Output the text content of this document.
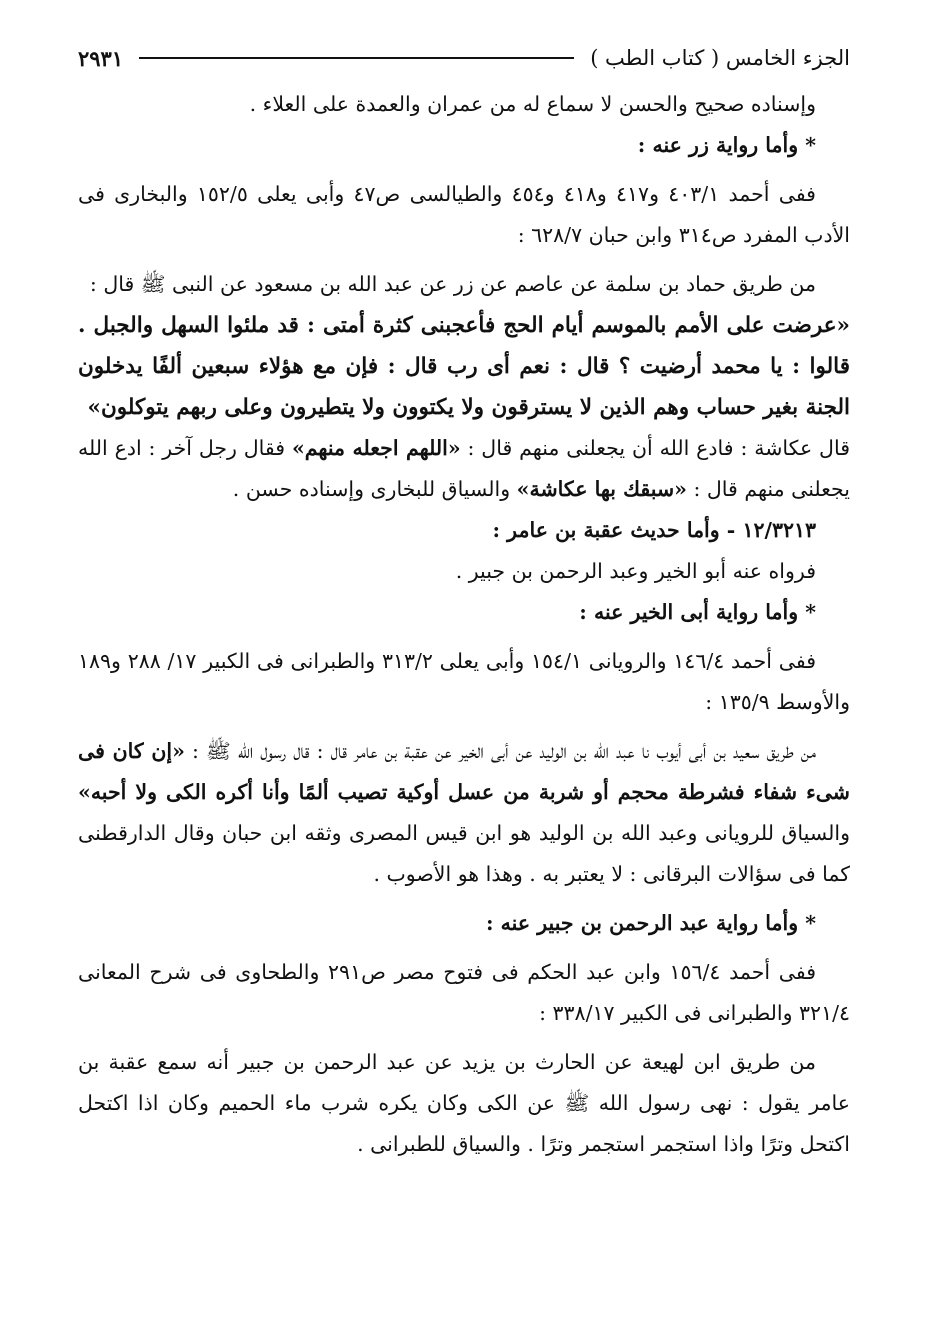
الجزء الخامس ( كتاب الطب )
٢٩٣١

وإسناده صحيح والحسن لا سماع له من عمران والعمدة على العلاء .

* وأما رواية زر عنه :

ففى أحمد ٤٠٣/١ و٤١٧ و٤١٨ و٤٥٤ والطيالسى ص٤٧ وأبى يعلى ١٥٢/٥ والبخارى فى الأدب المفرد ص٣١٤ وابن حبان ٦٢٨/٧ :

من طريق حماد بن سلمة عن عاصم عن زر عن عبد الله بن مسعود عن النبى ﷺ قال :

«عرضت على الأمم بالموسم أيام الحج فأعجبنى كثرة أمتى : قد ملئوا السهل والجبل . قالوا : يا محمد أرضيت ؟ قال : نعم أى رب قال : فإن مع هؤلاء سبعين ألفًا يدخلون الجنة بغير حساب وهم الذين لا يسترقون ولا يكتوون ولا يتطيرون وعلى ربهم يتوكلون»

قال عكاشة : فادع الله أن يجعلنى منهم قال : «اللهم اجعله منهم» فقال رجل آخر : ادع الله يجعلنى منهم قال : «سبقك بها عكاشة» والسياق للبخارى وإسناده حسن .

١٢/٣٢١٣ - وأما حديث عقبة بن عامر :

فرواه عنه أبو الخير وعبد الرحمن بن جبير .

* وأما رواية أبى الخير عنه :

ففى أحمد ١٤٦/٤ والرويانى ١٥٤/١ وأبى يعلى ٣١٣/٢ والطبرانى فى الكبير ١٧/ ٢٨٨ و١٨٩ والأوسط ١٣٥/٩ :

من طريق سعيد بن أبى أيوب نا عبد الله بن الوليد عن أبى الخير عن عقبة بن عامر قال : قال رسول الله ﷺ : «إن كان فى شىء شفاء فشرطة محجم أو شربة من عسل أوكية تصيب ألمًا وأنا أكره الكى ولا أحبه» والسياق للرويانى وعبد الله بن الوليد هو ابن قيس المصرى وثقه ابن حبان وقال الدارقطنى كما فى سؤالات البرقانى : لا يعتبر به . وهذا هو الأصوب .

* وأما رواية عبد الرحمن بن جبير عنه :

ففى أحمد ١٥٦/٤ وابن عبد الحكم فى فتوح مصر ص٢٩١ والطحاوى فى شرح المعانى ٣٢١/٤ والطبرانى فى الكبير ٣٣٨/١٧ :

من طريق ابن لهيعة عن الحارث بن يزيد عن عبد الرحمن بن جبير أنه سمع عقبة بن عامر يقول : نهى رسول الله ﷺ عن الكى وكان يكره شرب ماء الحميم وكان اذا اكتحل اكتحل وترًا واذا استجمر استجمر وترًا . والسياق للطبرانى .
